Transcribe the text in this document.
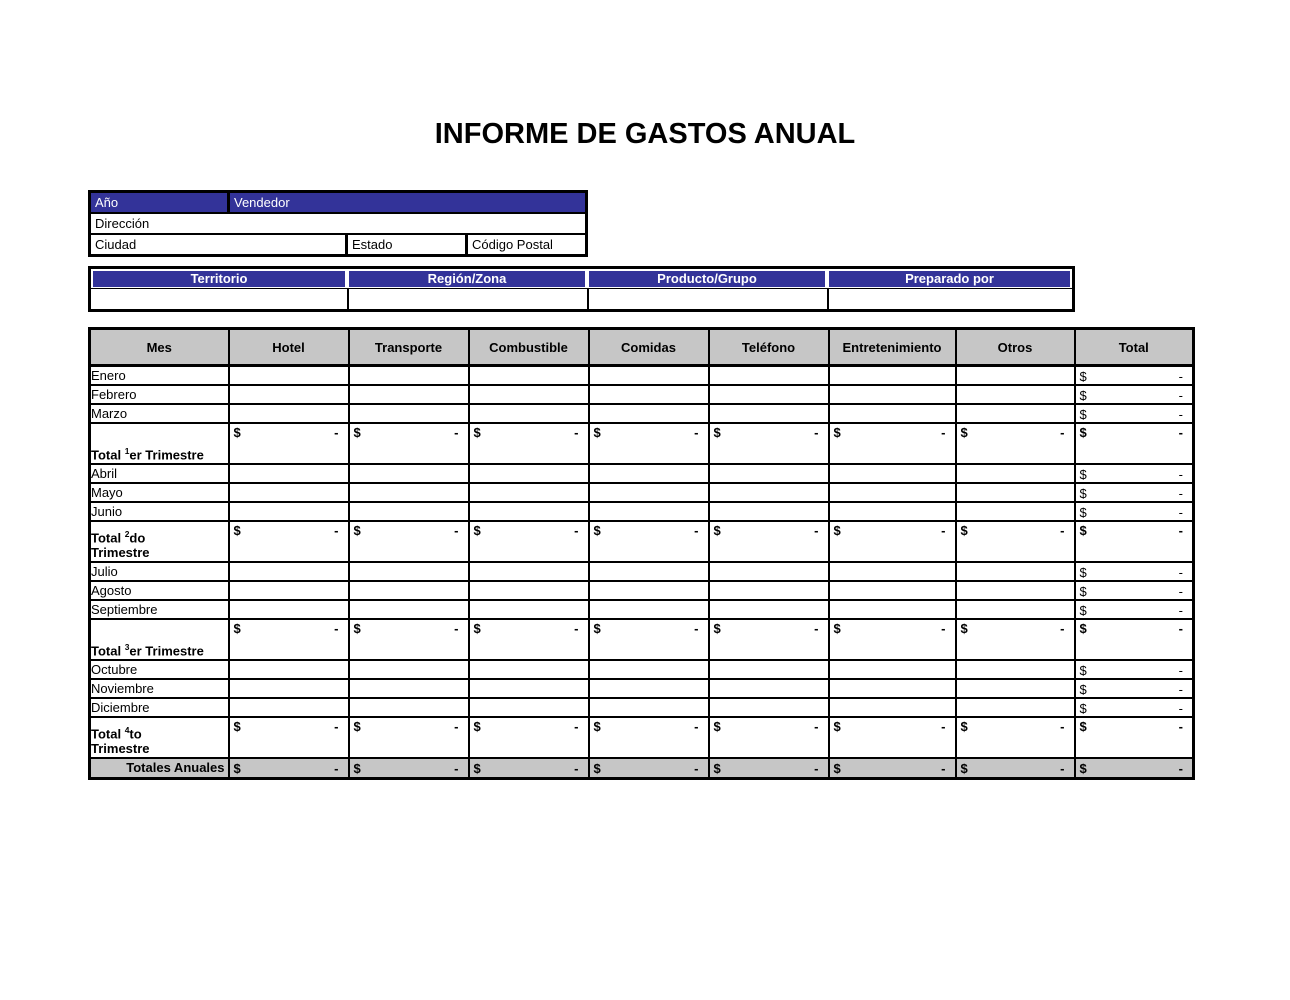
INFORME DE GASTOS ANUAL
Año	Vendedor
Dirección
Ciudad	Estado	Código Postal
Territorio	Región/Zona	Producto/Grupo	Preparado por
Mes	Hotel	Transporte	Combustible	Comidas	Teléfono	Entretenimiento	Otros	Total
Enero								$ -

Febrero								$ -

Marzo								$ -

Total $^1$er Trimestre	$ -	$ -	$ -	$ -	$ -	$ -	$ -	$ -

Abril								$ -

Mayo								$ -

Junio								$ -

Total $^2$do
Trimestre

$	-	$	-	$	-	$	-	$	-	$	-	$	-	$	-

Julio								$ -

Agosto								$ -

Septiembre								$ -

Total $^3$er Trimestre	$ -	$ -	$ -	$ -	$ -	$ -	$ -	$ -

Octubre								$ -

Noviembre								$ -

Diciembre								$ -

Total $^4$to
Trimestre

$	-	$	-	$	-	$	-	$	-	$	-	$	-	$	-

Totales Anuales	$ -	$ -	$ -	$ -	$ -	$ -	$ -	$ -
